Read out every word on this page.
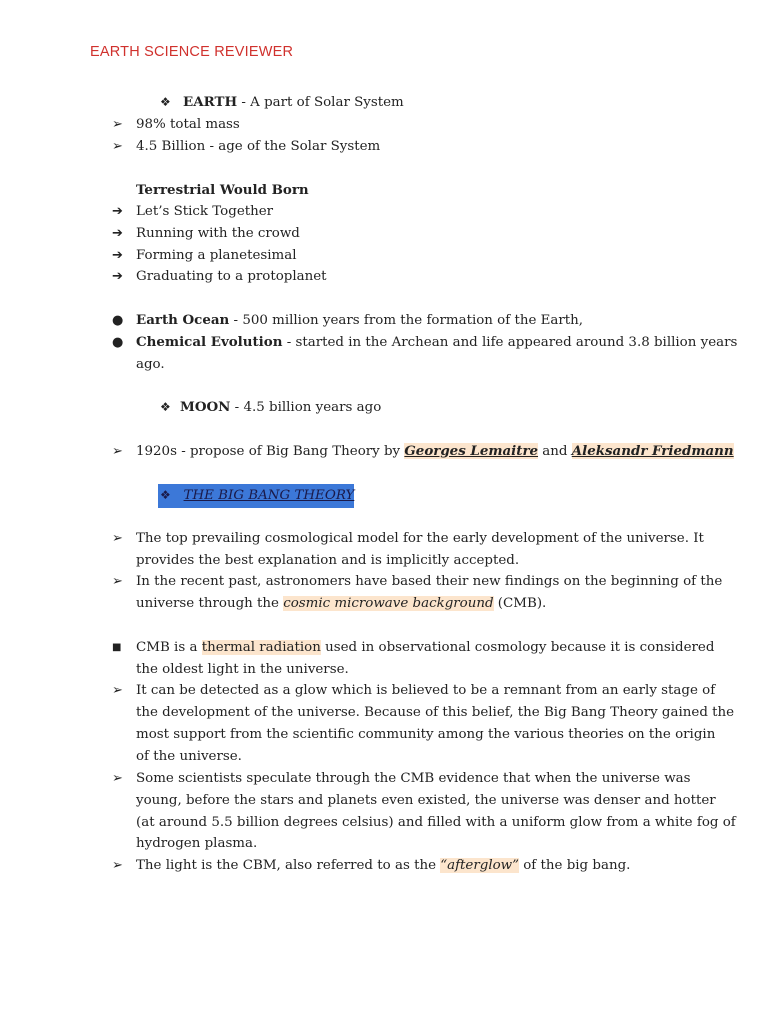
EARTH SCIENCE REVIEWER
❖ EARTH - A part of Solar System
➢ 98% total mass
➢ 4.5 Billion - age of the Solar System
Terrestrial Would Born
➔ Let’s Stick Together
➔ Running with the crowd
➔ Forming a planetesimal
➔ Graduating to a protoplanet
● Earth Ocean - 500 million years from the formation of the Earth,
● Chemical Evolution - started in the Archean and life appeared around 3.8 billion years
ago.
❖ MOON - 4.5 billion years ago
➢ 1920s - propose of Big Bang Theory by Georges Lemaitre and Aleksandr Friedmann
❖ THE BIG BANG THEORY
➢ The top prevailing cosmological model for the early development of the universe. It
provides the best explanation and is implicitly accepted.
➢ In the recent past, astronomers have based their new findings on the beginning of the
universe through the cosmic microwave background (CMB).
■	CMB is a thermal radiation used in observational cosmology because it is considered
the oldest light in the universe.
➢ It can be detected as a glow which is believed to be a remnant from an early stage of
the development of the universe. Because of this belief, the Big Bang Theory gained the
most support from the scientific community among the various theories on the origin
of the universe.
➢ Some scientists speculate through the CMB evidence that when the universe was
young, before the stars and planets even existed, the universe was denser and hotter
(at around 5.5 billion degrees celsius) and filled with a uniform glow from a white fog of
hydrogen plasma.
➢ The light is the CBM, also referred to as the “afterglow” of the big bang.
